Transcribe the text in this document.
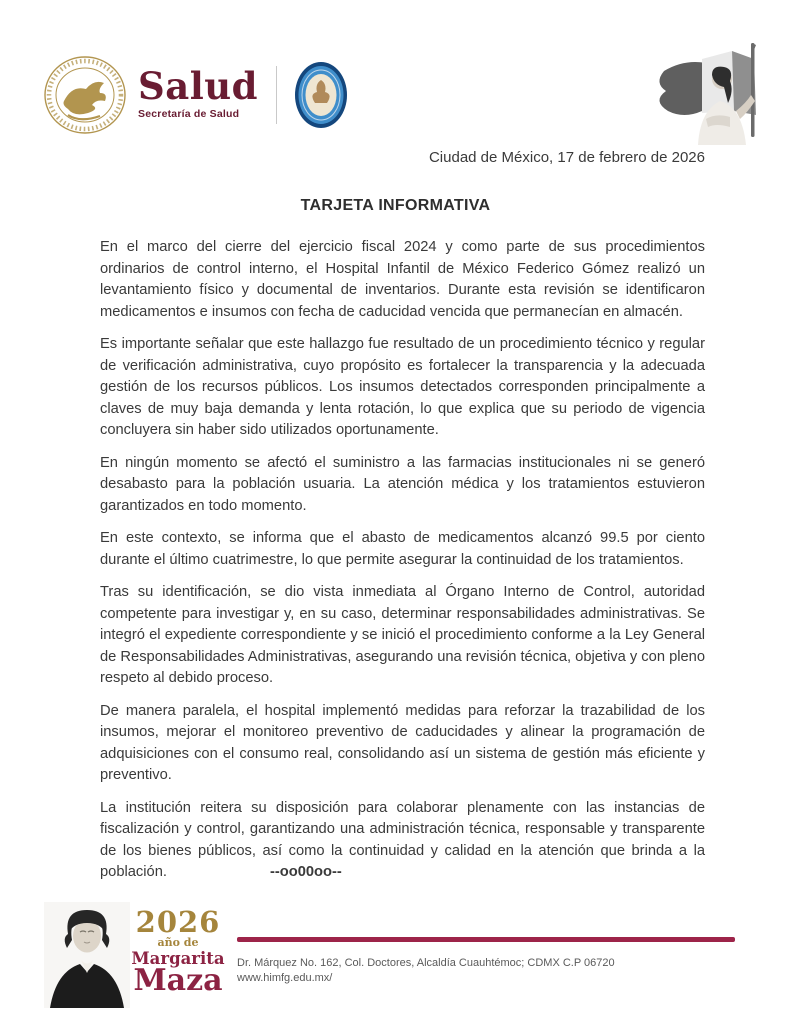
Salud
Secretaría de Salud
Ciudad de México, 17 de febrero de 2026
TARJETA INFORMATIVA

En el marco del cierre del ejercicio fiscal 2024 y como parte de sus procedimientos ordinarios de control interno, el Hospital Infantil de México Federico Gómez realizó un levantamiento físico y documental de inventarios. Durante esta revisión se identificaron medicamentos e insumos con fecha de caducidad vencida que permanecían en almacén.

Es importante señalar que este hallazgo fue resultado de un procedimiento técnico y regular de verificación administrativa, cuyo propósito es fortalecer la transparencia y la adecuada gestión de los recursos públicos. Los insumos detectados corresponden principalmente a claves de muy baja demanda y lenta rotación, lo que explica que su periodo de vigencia concluyera sin haber sido utilizados oportunamente.

En ningún momento se afectó el suministro a las farmacias institucionales ni se generó desabasto para la población usuaria. La atención médica y los tratamientos estuvieron garantizados en todo momento.

En este contexto, se informa que el abasto de medicamentos alcanzó 99.5 por ciento durante el último cuatrimestre, lo que permite asegurar la continuidad de los tratamientos.

Tras su identificación, se dio vista inmediata al Órgano Interno de Control, autoridad competente para investigar y, en su caso, determinar responsabilidades administrativas. Se integró el expediente correspondiente y se inició el procedimiento conforme a la Ley General de Responsabilidades Administrativas, asegurando una revisión técnica, objetiva y con pleno respeto al debido proceso.

De manera paralela, el hospital implementó medidas para reforzar la trazabilidad de los insumos, mejorar el monitoreo preventivo de caducidades y alinear la programación de adquisiciones con el consumo real, consolidando así un sistema de gestión más eficiente y preventivo.

La institución reitera su disposición para colaborar plenamente con las instancias de fiscalización y control, garantizando una administración técnica, responsable y transparente de los bienes públicos, así como la continuidad y calidad en la atención que brinda a la población.	--oo00oo--

2026
año de
Margarita
Maza	Dr. Márquez No. 162, Col. Doctores, Alcaldía Cuauhtémoc; CDMX C.P 06720
www.himfg.edu.mx/
